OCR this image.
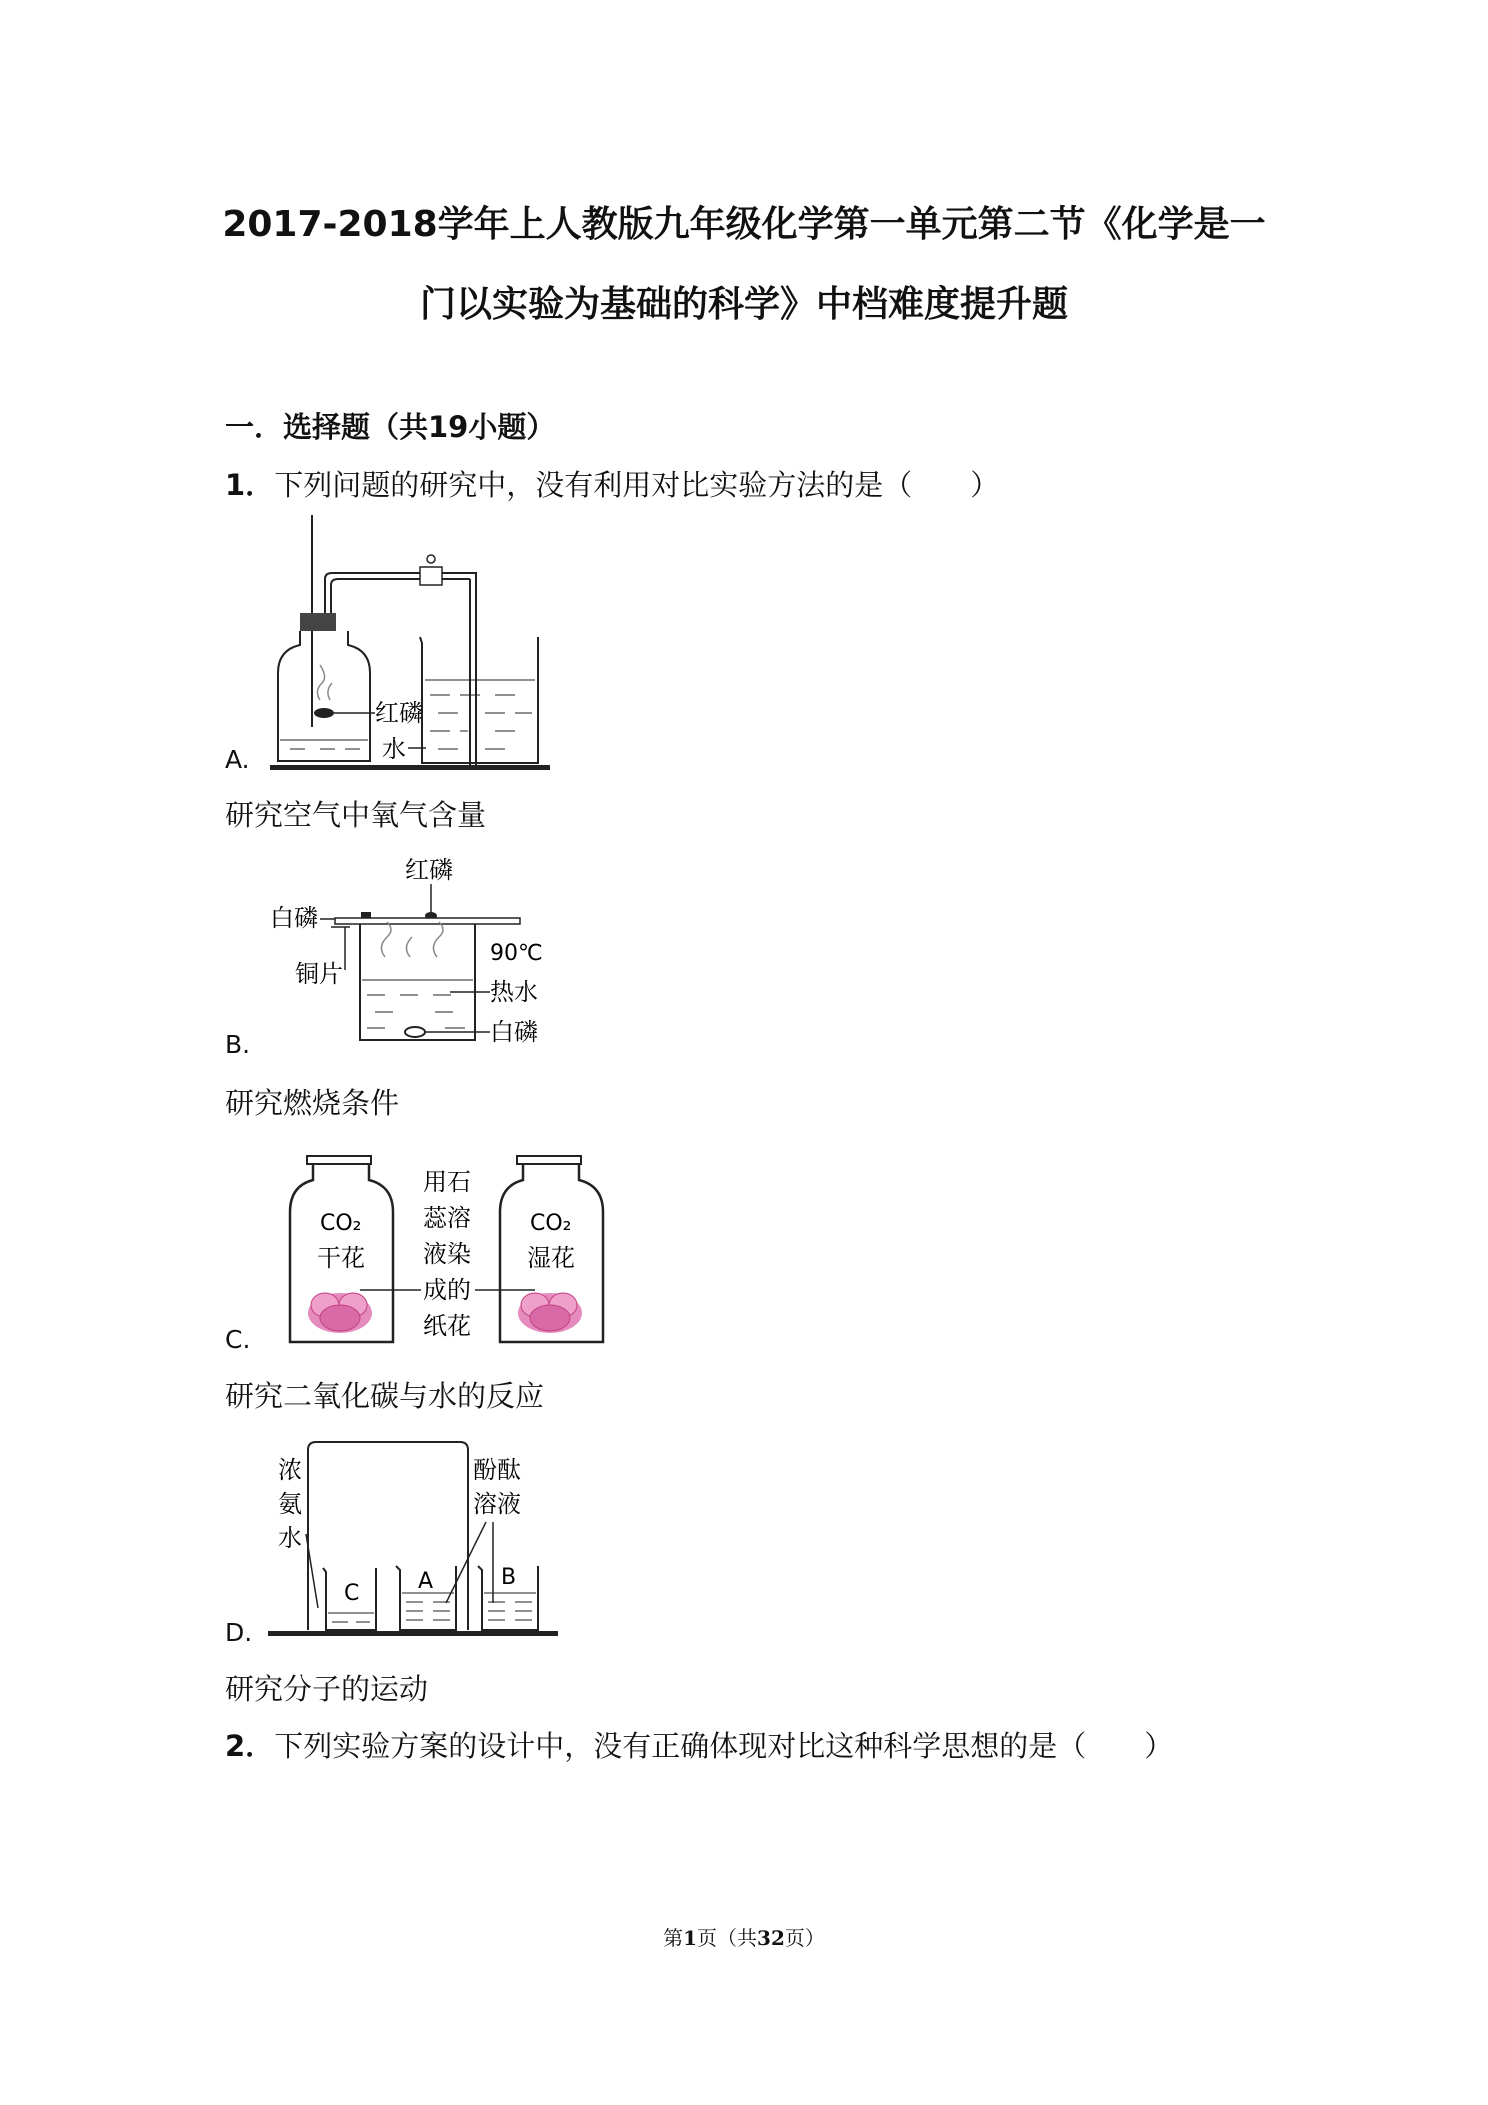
2017-2018学年上人教版九年级化学第一单元第二节《化学是一
门以实验为基础的科学》中档难度提升题
一．选择题（共19小题）
1．下列问题的研究中，没有利用对比实验方法的是（　　）
红磷
水
A.
研究空气中氧气含量
红磷
白磷
铜片
90℃
热水
白磷
B.
研究燃烧条件
CO₂
干花
CO₂
湿花
用石
蕊溶
液染
成的
纸花
C.
研究二氧化碳与水的反应
浓
氨
水
C	A	B
酚酞
溶液
D.
研究分子的运动
2．下列实验方案的设计中，没有正确体现对比这种科学思想的是（　　）
第1页（共32页）
